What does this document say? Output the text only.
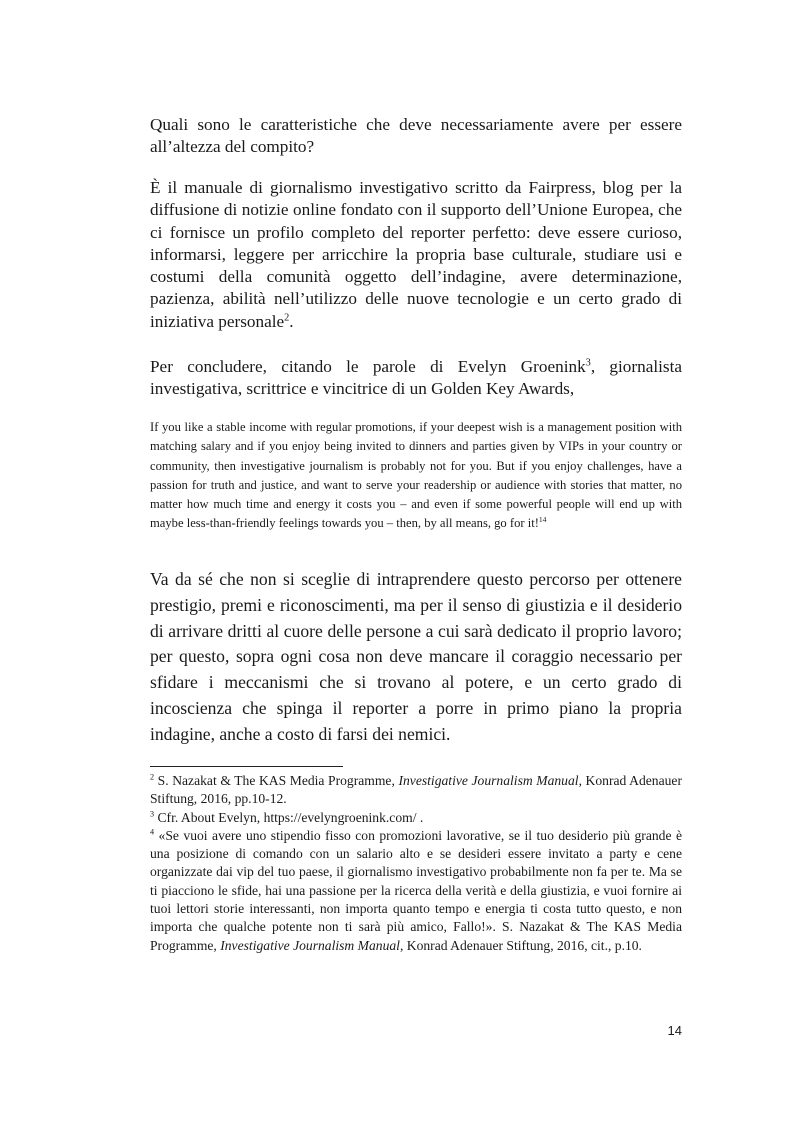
Quali sono le caratteristiche che deve necessariamente avere per essere all’altezza del compito?

È il manuale di giornalismo investigativo scritto da Fairpress, blog per la diffusione di notizie online fondato con il supporto dell’Unione Europea, che ci fornisce un profilo completo del reporter perfetto: deve essere curioso, informarsi, leggere per arricchire la propria base culturale, studiare usi e costumi della comunità oggetto dell’indagine, avere determinazione, pazienza, abilità nell’utilizzo delle nuove tecnologie e un certo grado di iniziativa personale$^2$.

Per concludere, citando le parole di Evelyn Groenink$^3$, giornalista investigativa, scrittrice e vincitrice di un Golden Key Awards,

If you like a stable income with regular promotions, if your deepest wish is a management position with matching salary and if you enjoy being invited to dinners and parties given by VIPs in your country or community, then investigative journalism is probably not for you. But if you enjoy challenges, have a passion for truth and justice, and want to serve your readership or audience with stories that matter, no matter how much time and energy it costs you – and even if some powerful people will end up with maybe less-than-friendly feelings towards you – then, by all means, go for it!$^{14}$

Va da sé che non si sceglie di intraprendere questo percorso per ottenere prestigio, premi e riconoscimenti, ma per il senso di giustizia e il desiderio di arrivare dritti al cuore delle persone a cui sarà dedicato il proprio lavoro; per questo, sopra ogni cosa non deve mancare il coraggio necessario per sfidare i meccanismi che si trovano al potere, e un certo grado di incoscienza che spinga il reporter a porre in primo piano la propria indagine, anche a costo di farsi dei nemici.

$^2$ S. Nazakat & The KAS Media Programme, Investigative Journalism Manual, Konrad Adenauer Stiftung, 2016, pp.10-12.

$^3$ Cfr. About Evelyn, https://evelyngroenink.com/ .

$^4$ «Se vuoi avere uno stipendio fisso con promozioni lavorative, se il tuo desiderio più grande è una posizione di comando con un salario alto e se desideri essere invitato a party e cene organizzate dai vip del tuo paese, il giornalismo investigativo probabilmente non fa per te. Ma se ti piacciono le sfide, hai una passione per la ricerca della verità e della giustizia, e vuoi fornire ai tuoi lettori storie interessanti, non importa quanto tempo e energia ti costa tutto questo, e non importa che qualche potente non ti sarà più amico, Fallo!». S. Nazakat & The KAS Media Programme, Investigative Journalism Manual, Konrad Adenauer Stiftung, 2016, cit., p.10.

14
